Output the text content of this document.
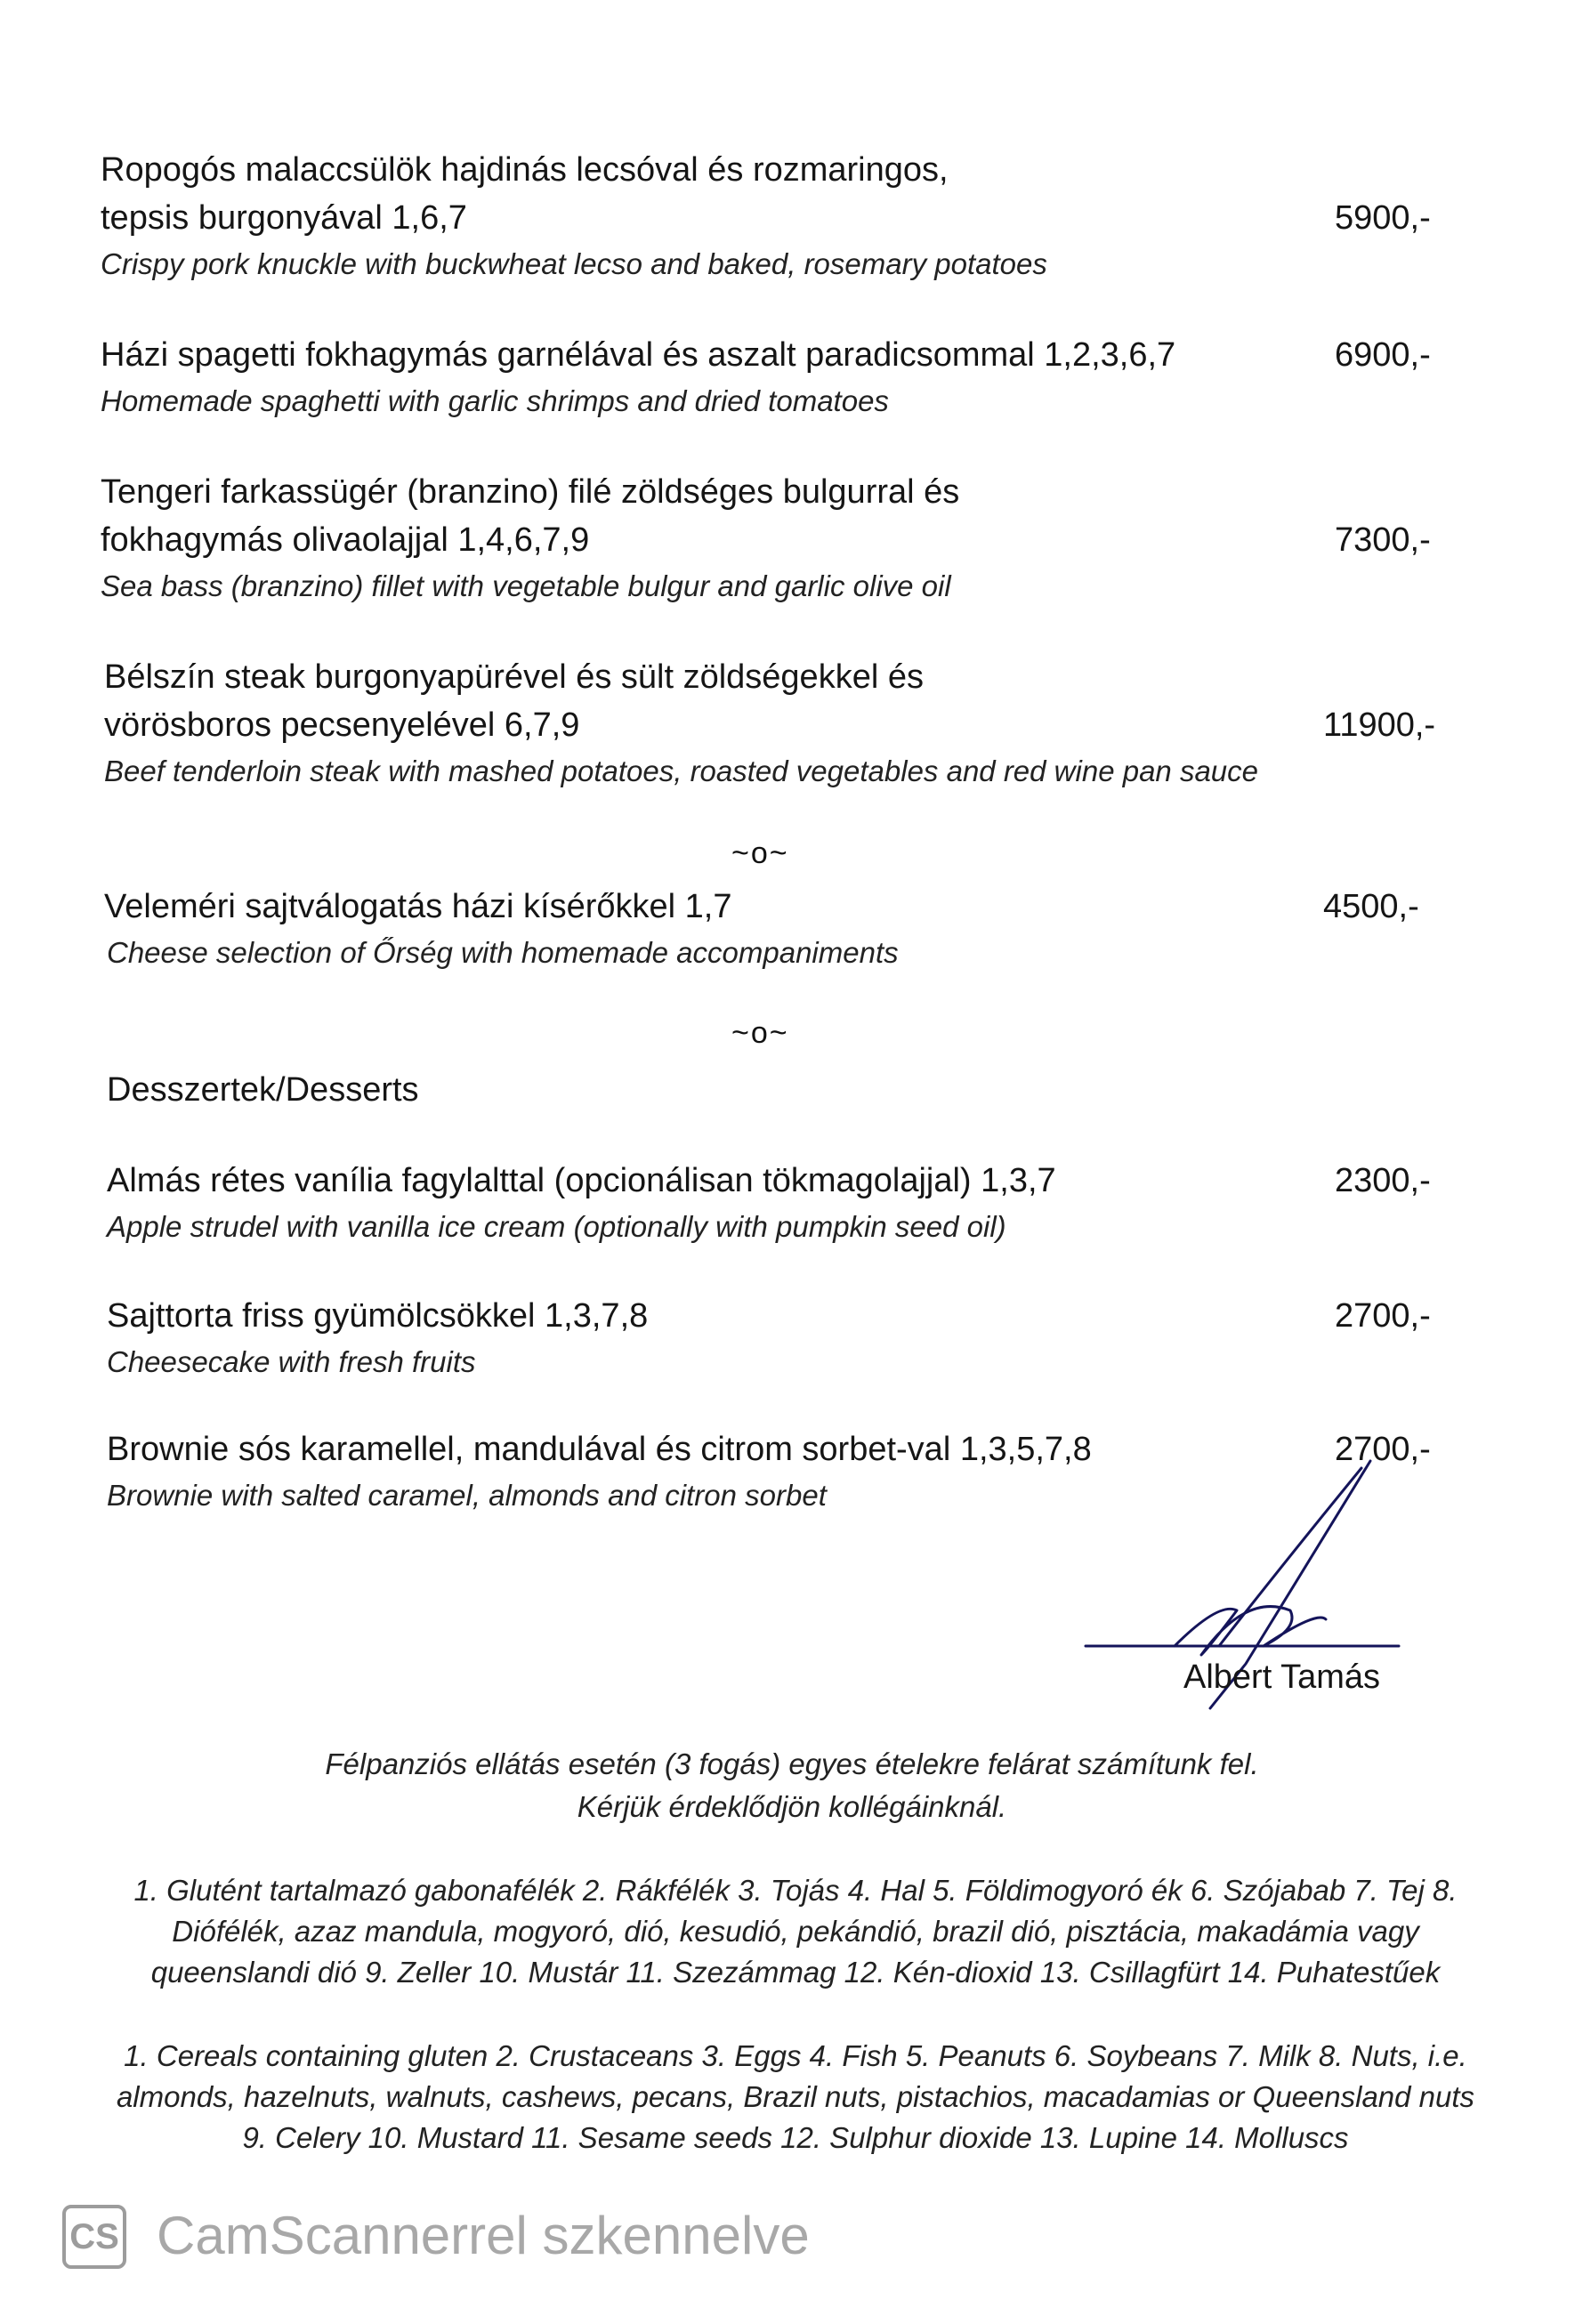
Ropogós malaccsülök hajdinás lecsóval és rozmaringos,
tepsis burgonyával 1,6,7	5900,-
Crispy pork knuckle with buckwheat lecso and baked, rosemary potatoes
Házi spagetti fokhagymás garnélával és aszalt paradicsommal 1,2,3,6,7	6900,-
Homemade spaghetti with garlic shrimps and dried tomatoes
Tengeri farkassügér (branzino) filé zöldséges bulgurral és
fokhagymás olivaolajjal 1,4,6,7,9	7300,-
Sea bass (branzino) fillet with vegetable bulgur and garlic olive oil
Bélszín steak burgonyapürével és sült zöldségekkel és
vörösboros pecsenyelével 6,7,9	11900,-
Beef tenderloin steak with mashed potatoes, roasted vegetables and red wine pan sauce
~o~
Veleméri sajtválogatás házi kísérőkkel 1,7	4500,-
Cheese selection of Őrség with homemade accompaniments
~o~
Desszertek/Desserts
Almás rétes vanília fagylalttal (opcionálisan tökmagolajjal) 1,3,7	2300,-
Apple strudel with vanilla ice cream (optionally with pumpkin seed oil)
Sajttorta friss gyümölcsökkel 1,3,7,8	2700,-
Cheesecake with fresh fruits
Brownie sós karamellel, mandulával és citrom sorbet-val 1,3,5,7,8	2700,-
Brownie with salted caramel, almonds and citron sorbet
Albert Tamás
Félpanziós ellátás esetén (3 fogás) egyes ételekre felárat számítunk fel.
Kérjük érdeklődjön kollégáinknál.
1. Glutént tartalmazó gabonafélék 2. Rákfélék 3. Tojás 4. Hal 5. Földimogyoró ék 6. Szójabab 7. Tej 8. Diófélék, azaz mandula, mogyoró, dió, kesudió, pekándió, brazil dió, pisztácia, makadámia vagy queenslandi dió 9. Zeller 10. Mustár 11. Szezámmag 12. Kén-dioxid 13. Csillagfürt 14. Puhatestűek
1. Cereals containing gluten 2. Crustaceans 3. Eggs 4. Fish 5. Peanuts 6. Soybeans 7. Milk 8. Nuts, i.e. almonds, hazelnuts, walnuts, cashews, pecans, Brazil nuts, pistachios, macadamias or Queensland nuts 9. Celery 10. Mustard 11. Sesame seeds 12. Sulphur dioxide 13. Lupine 14. Molluscs
CS CamScannerrel szkennelve
